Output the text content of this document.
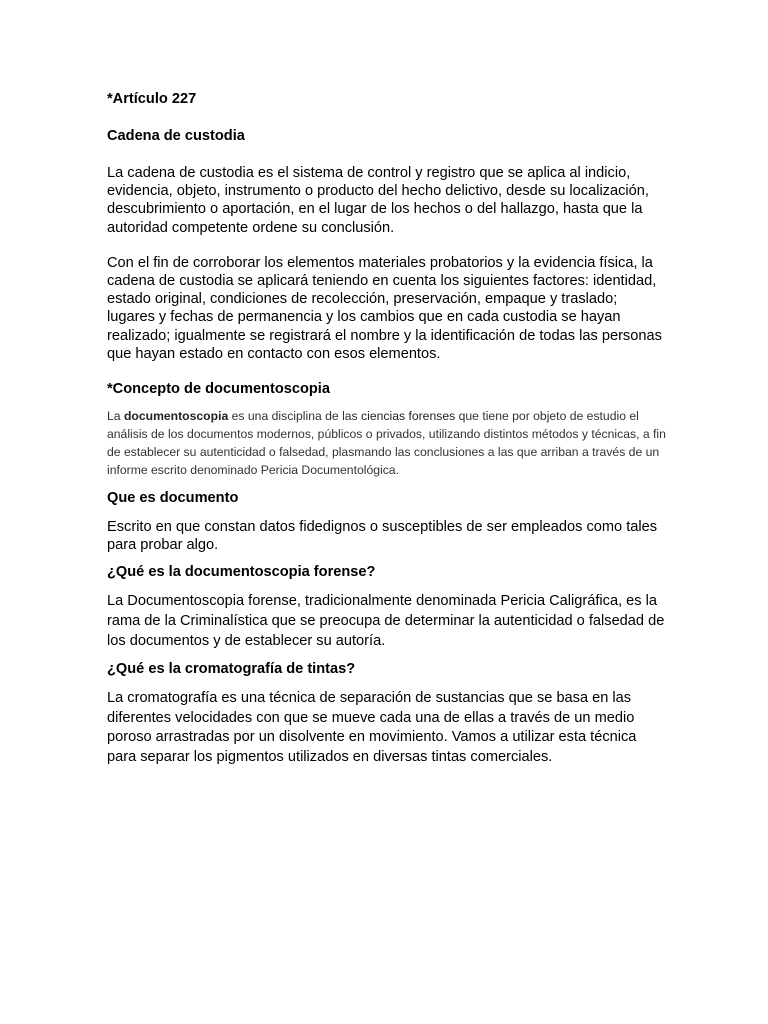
*Artículo 227

Cadena de custodia

La cadena de custodia es el sistema de control y registro que se aplica al indicio, evidencia, objeto, instrumento o producto del hecho delictivo, desde su localización, descubrimiento o aportación, en el lugar de los hechos o del hallazgo, hasta que la autoridad competente ordene su conclusión.

Con el fin de corroborar los elementos materiales probatorios y la evidencia física, la cadena de custodia se aplicará teniendo en cuenta los siguientes factores: identidad, estado original, condiciones de recolección, preservación, empaque y traslado; lugares y fechas de permanencia y los cambios que en cada custodia se hayan realizado; igualmente se registrará el nombre y la identificación de todas las personas que hayan estado en contacto con esos elementos.

*Concepto de documentoscopia

La documentoscopia es una disciplina de las ciencias forenses que tiene por objeto de estudio el análisis de los documentos modernos, públicos o privados, utilizando distintos métodos y técnicas, a fin de establecer su autenticidad o falsedad, plasmando las conclusiones a las que arriban a través de un informe escrito denominado Pericia Documentológica.

Que es documento

Escrito en que constan datos fidedignos o susceptibles de ser empleados como tales para probar algo.

¿Qué es la documentoscopia forense?

La Documentoscopia forense, tradicionalmente denominada Pericia Caligráfica, es la rama de la Criminalística que se preocupa de determinar la autenticidad o falsedad de los documentos y de establecer su autoría.

¿Qué es la cromatografía de tintas?

La cromatografía es una técnica de separación de sustancias que se basa en las diferentes velocidades con que se mueve cada una de ellas a través de un medio poroso arrastradas por un disolvente en movimiento. Vamos a utilizar esta técnica para separar los pigmentos utilizados en diversas tintas comerciales.
